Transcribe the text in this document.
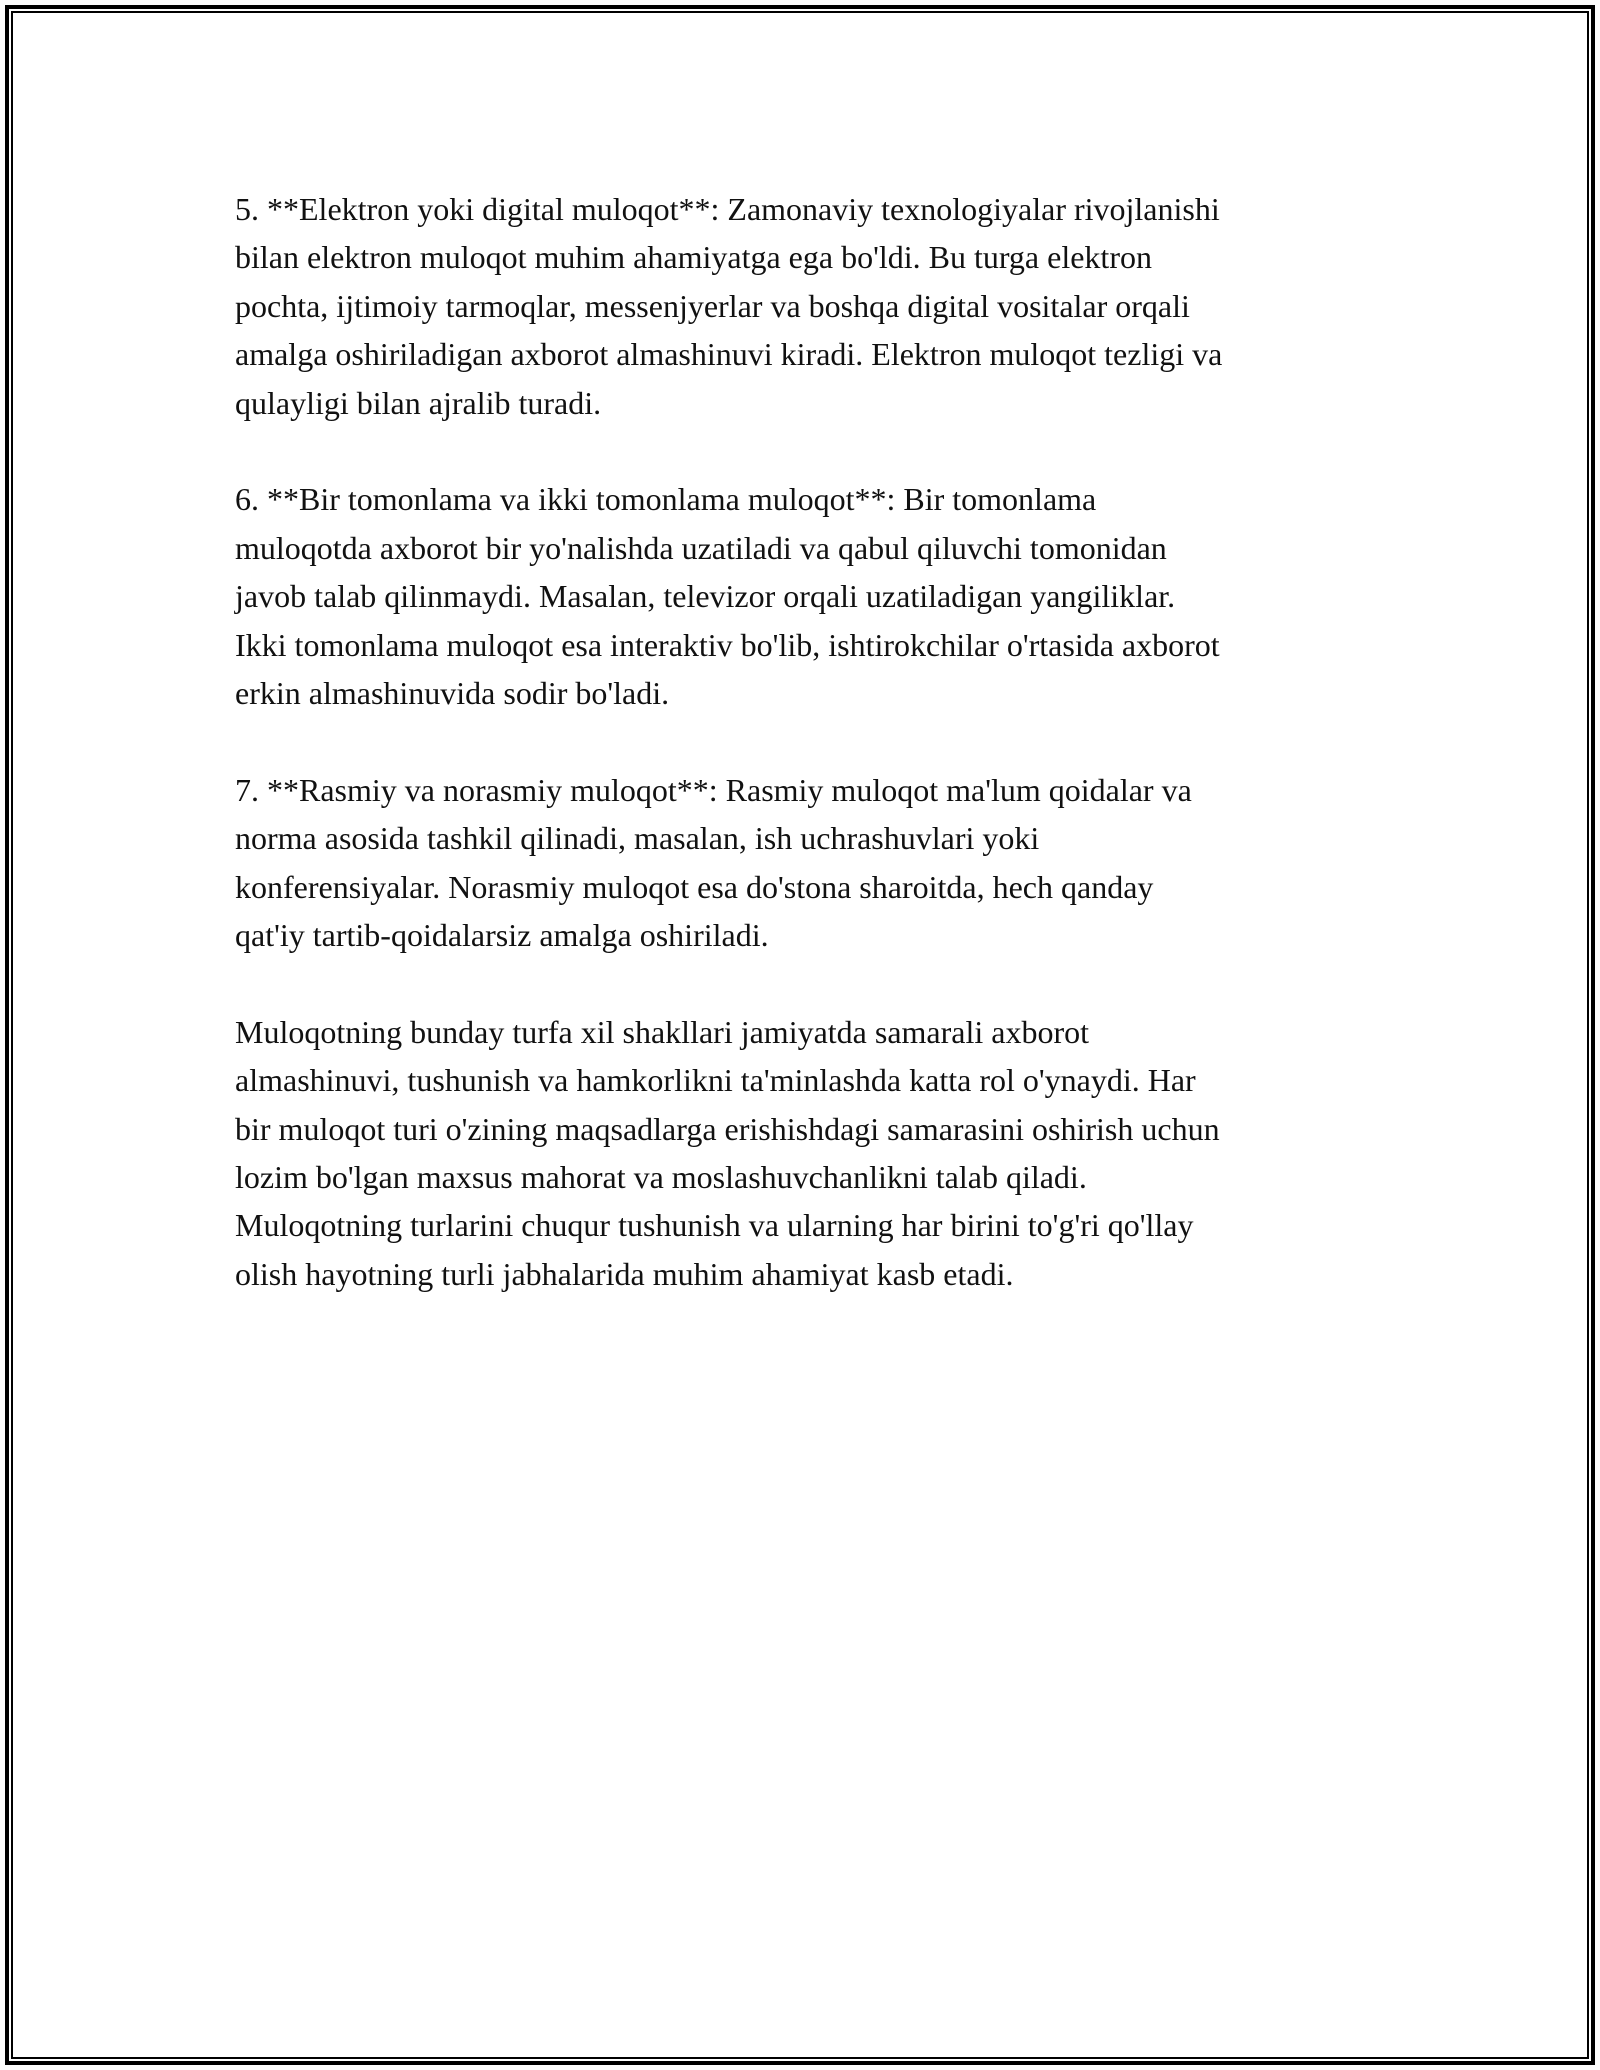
5. **Elektron yoki digital muloqot**: Zamonaviy texnologiyalar rivojlanishi
bilan elektron muloqot muhim ahamiyatga ega bo'ldi. Bu turga elektron
pochta, ijtimoiy tarmoqlar, messenjyerlar va boshqa digital vositalar orqali
amalga oshiriladigan axborot almashinuvi kiradi. Elektron muloqot tezligi va
qulayligi bilan ajralib turadi.

6. **Bir tomonlama va ikki tomonlama muloqot**: Bir tomonlama
muloqotda axborot bir yo'nalishda uzatiladi va qabul qiluvchi tomonidan
javob talab qilinmaydi. Masalan, televizor orqali uzatiladigan yangiliklar.
Ikki tomonlama muloqot esa interaktiv bo'lib, ishtirokchilar o'rtasida axborot
erkin almashinuvida sodir bo'ladi.

7. **Rasmiy va norasmiy muloqot**: Rasmiy muloqot ma'lum qoidalar va
norma asosida tashkil qilinadi, masalan, ish uchrashuvlari yoki
konferensiyalar. Norasmiy muloqot esa do'stona sharoitda, hech qanday
qat'iy tartib-qoidalarsiz amalga oshiriladi.

Muloqotning bunday turfa xil shakllari jamiyatda samarali axborot
almashinuvi, tushunish va hamkorlikni ta'minlashda katta rol o'ynaydi. Har
bir muloqot turi o'zining maqsadlarga erishishdagi samarasini oshirish uchun
lozim bo'lgan maxsus mahorat va moslashuvchanlikni talab qiladi.
Muloqotning turlarini chuqur tushunish va ularning har birini to'g'ri qo'llay
olish hayotning turli jabhalarida muhim ahamiyat kasb etadi.
